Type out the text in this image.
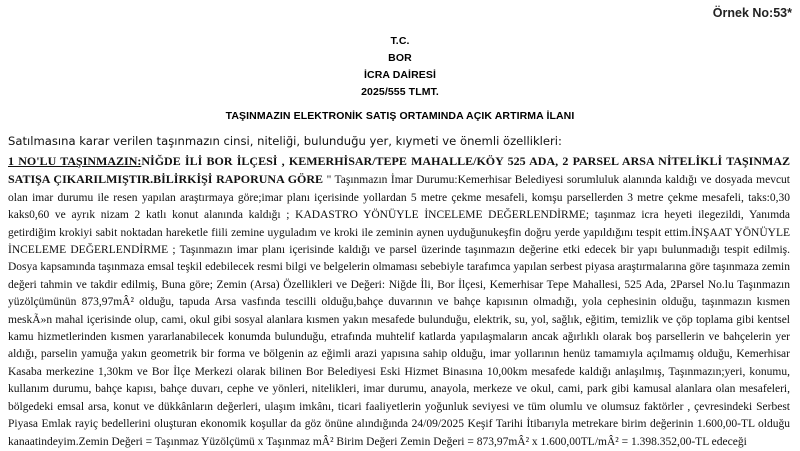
Örnek No:53*
T.C.
BOR
İCRA DAİRESİ
2025/555 TLMT.
TAŞINMAZIN ELEKTRONİK SATIŞ ORTAMINDA AÇIK ARTIRMA İLANI
Satılmasına karar verilen taşınmazın cinsi, niteliği, bulunduğu yer, kıymeti ve önemli özellikleri:
1 NO'LU TAŞINMAZIN:NİĞDE İLİ BOR İLÇESİ , KEMERHİSAR/TEPE MAHALLE/KÖY 525 ADA, 2 PARSEL ARSA NİTELİKLİ TAŞINMAZ SATIŞA ÇIKARILMIŞTIR.BİLİRKİŞİ RAPORUNA GÖRE " Taşınmazın İmar Durumu:Kemerhisar Belediyesi sorumluluk alanında kaldığı ve dosyada mevcut olan imar durumu ile resen yapılan araştırmaya göre;imar planı içerisinde yollardan 5 metre çekme mesafeli, komşu parsellerden 3 metre çekme mesafeli, taks:0,30 kaks0,60 ve ayrık nizam 2 katlı konut alanında kaldığı ; KADASTRO YÖNÜYLE İNCELEME DEĞERLENDİRME; taşınmaz icra heyeti ilegezildi, Yanımda getirdiğim krokiyi sabit noktadan hareketle fiili zemine uyguladım ve kroki ile zeminin aynen uyduğunukeşfin doğru yerde yapıldığını tespit ettim.İNŞAAT YÖNÜYLE İNCELEME DEĞERLENDİRME ; Taşınmazın imar planı içerisinde kaldığı ve parsel üzerinde taşınmazın değerine etki edecek bir yapı bulunmadığı tespit edilmiş. Dosya kapsamında taşınmaza emsal teşkil edebilecek resmi bilgi ve belgelerin olmaması sebebiyle tarafımca yapılan serbest piyasa araştırmalarına göre taşınmaza zemin değeri tahmin ve takdir edilmiş, Buna göre; Zemin (Arsa) Özellikleri ve Değeri: Niğde İli, Bor İlçesi, Kemerhisar Tepe Mahallesi, 525 Ada, 2Parsel No.lu Taşınmazın yüzölçümünün 873,97mÂ² olduğu, tapuda Arsa vasfında tescilli olduğu,bahçe duvarının ve bahçe kapısının olmadığı, yola cephesinin olduğu, taşınmazın kısmen meskÃ»n mahal içerisinde olup, cami, okul gibi sosyal alanlara kısmen yakın mesafede bulunduğu, elektrik, su, yol, sağlık, eğitim, temizlik ve çöp toplama gibi kentsel kamu hizmetlerinden kısmen yararlanabilecek konumda bulunduğu, etrafında muhtelif katlarda yapılaşmaların ancak ağırlıklı olarak boş parsellerin ve bahçelerin yer aldığı, parselin yamuğa yakın geometrik bir forma ve bölgenin az eğimli arazi yapısına sahip olduğu, imar yollarının henüz tamamıyla açılmamış olduğu, Kemerhisar Kasaba merkezine 1,30km ve Bor İlçe Merkezi olarak bilinen Bor Belediyesi Eski Hizmet Binasına 10,00km mesafede kaldığı anlaşılmış, Taşınmazın;yeri, konumu, kullanım durumu, bahçe kapısı, bahçe duvarı, cephe ve yönleri, nitelikleri, imar durumu, anayola, merkeze ve okul, cami, park gibi kamusal alanlara olan mesafeleri, bölgedeki emsal arsa, konut ve dükkânların değerleri, ulaşım imkânı, ticari faaliyetlerin yoğunluk seviyesi ve tüm olumlu ve olumsuz faktörler , çevresindeki Serbest Piyasa Emlak rayiç bedellerini oluşturan ekonomik koşullar da göz önüne alındığında 24/09/2025 Keşif Tarihi İtibarıyla metrekare birim değerinin 1.600,00-TL olduğu kanaatindeyim.Zemin Değeri = Taşınmaz Yüzölçümü x Taşınmaz mÂ² Birim Değeri Zemin Değeri = 873,97mÂ² x 1.600,00TL/mÂ² = 1.398.352,00-TL edeceği
